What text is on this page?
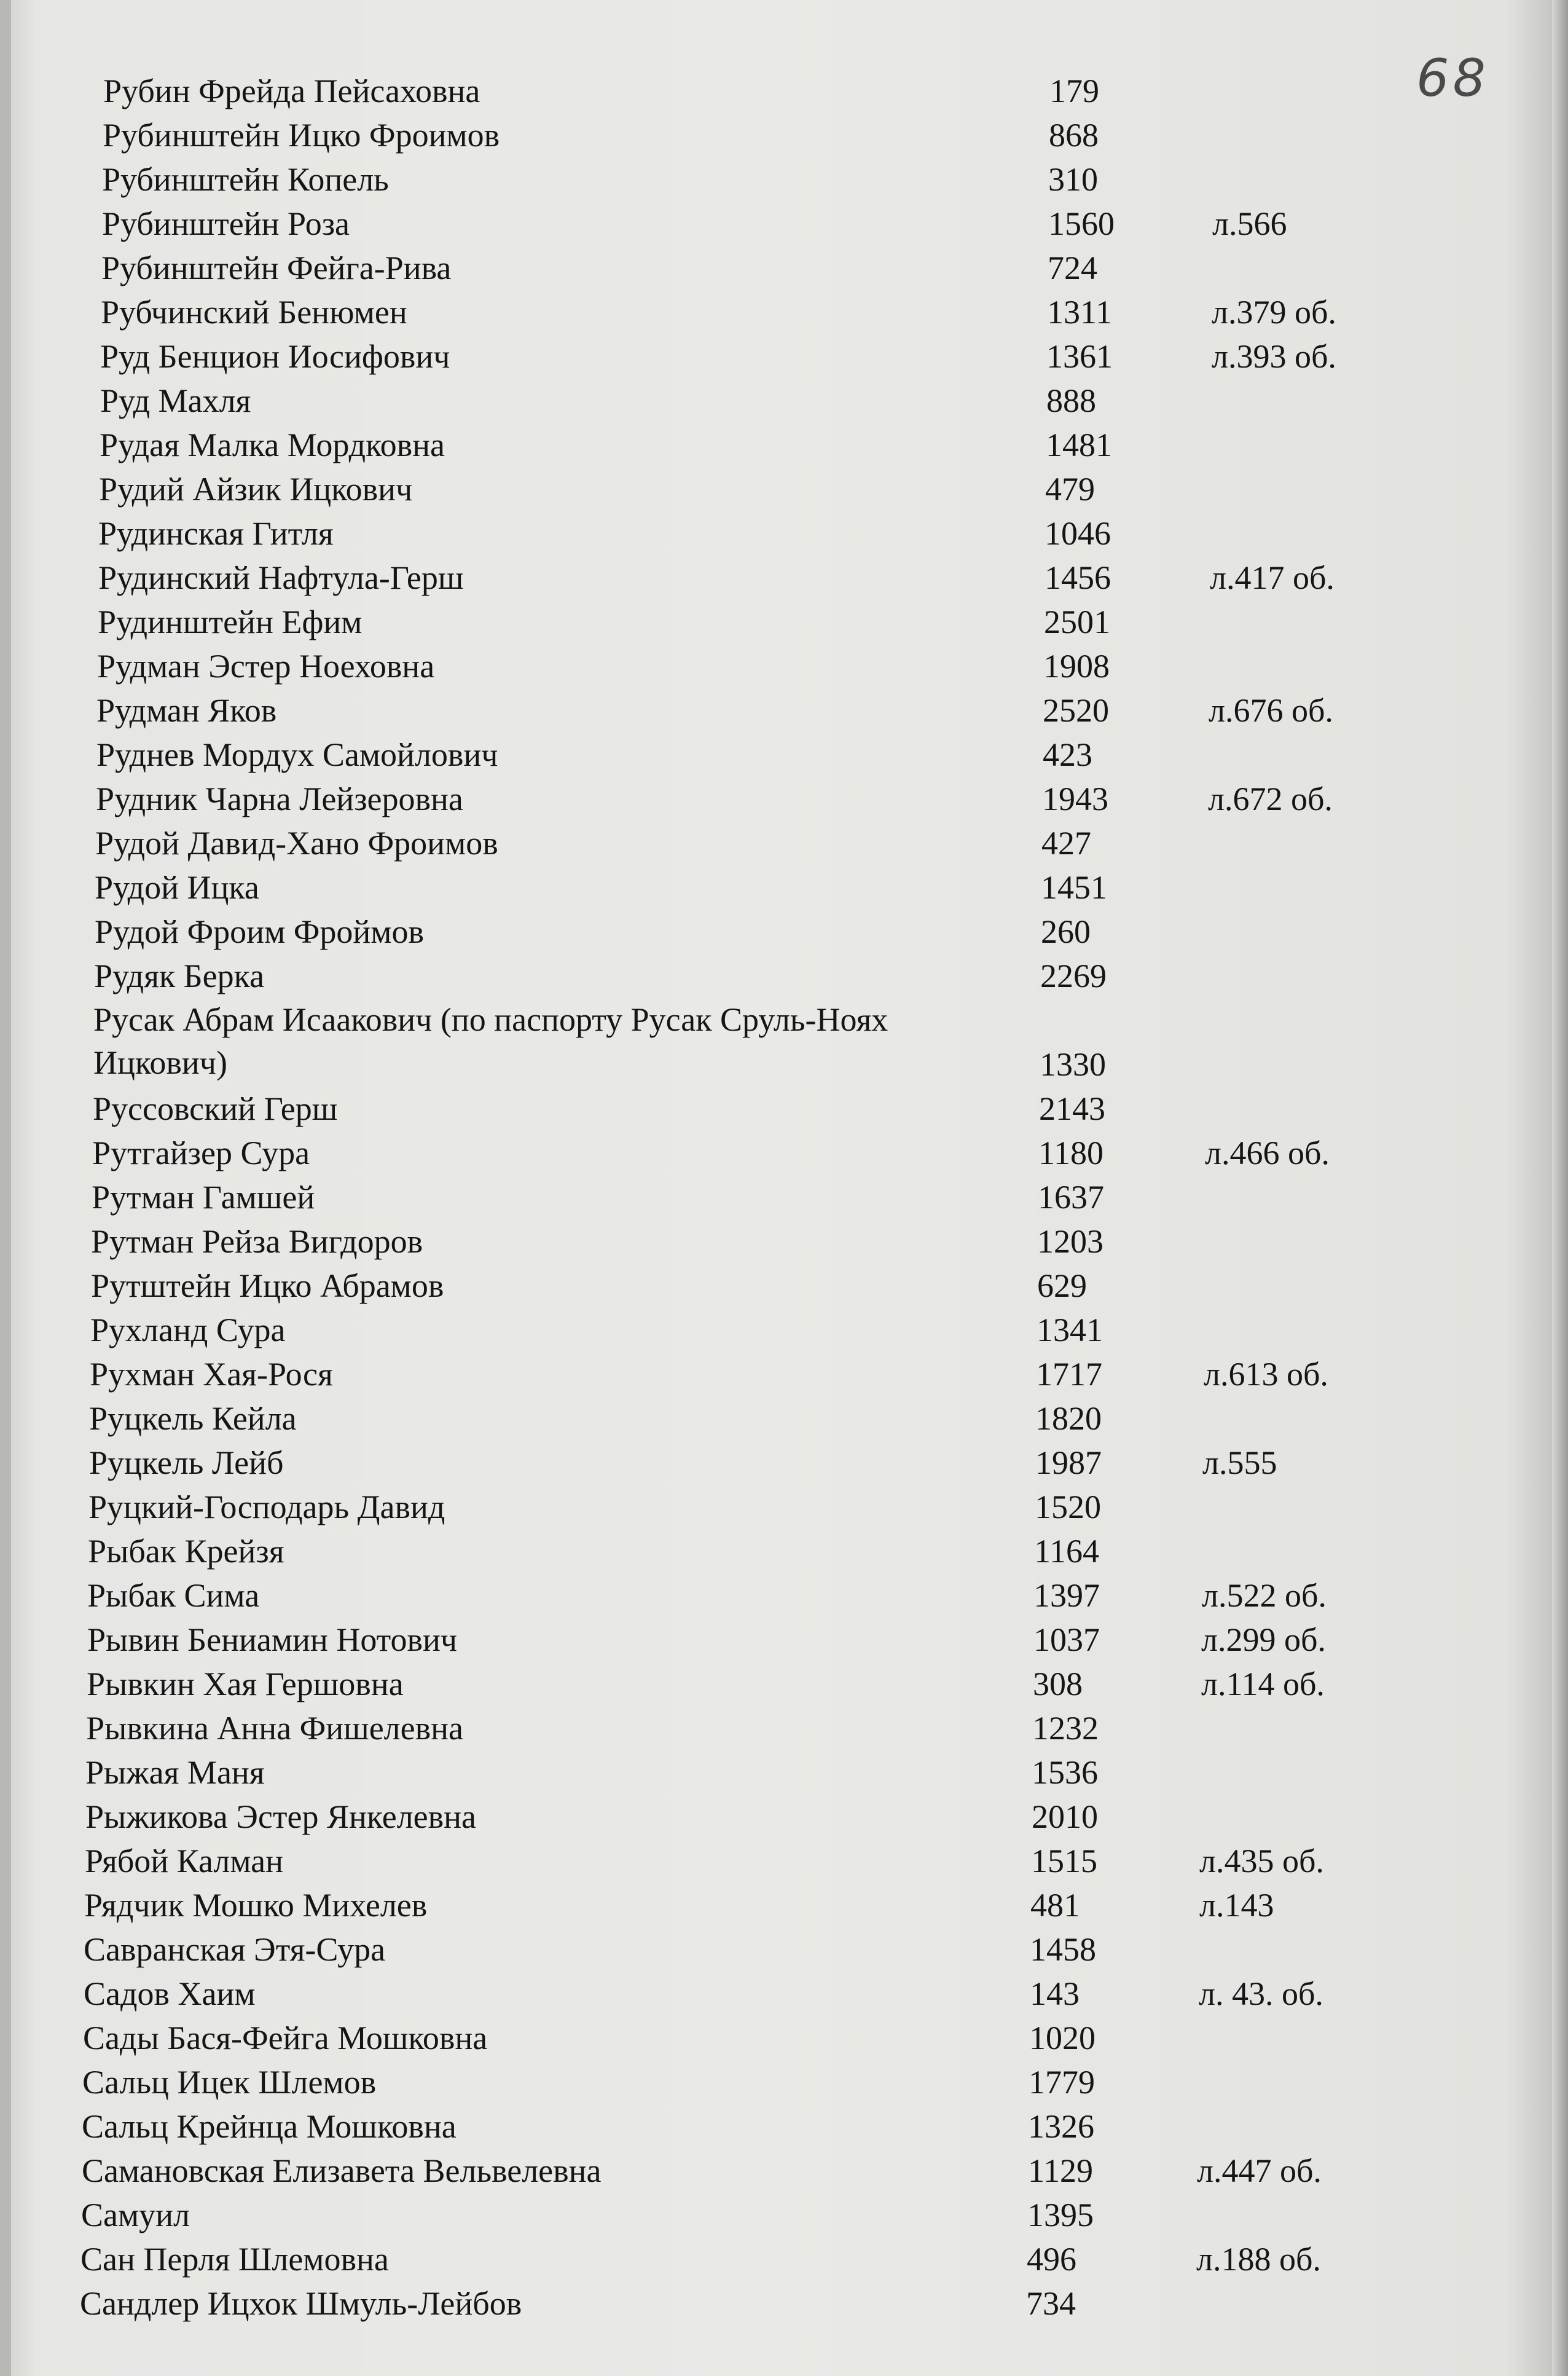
68
Рубин Фрейда Пейсаховна	179
Рубинштейн Ицко Фроимов	868
Рубинштейн Копель	310
Рубинштейн Роза	1560	л.566
Рубинштейн Фейга-Рива	724
Рубчинский Бенюмен	1311	л.379 об.
Руд Бенцион Иосифович	1361	л.393 об.
Руд Махля	888
Рудая Малка Мордковна	1481
Рудий Айзик Ицкович	479
Рудинская Гитля	1046
Рудинский Нафтула-Герш	1456	л.417 об.
Рудинштейн Ефим	2501
Рудман Эстер Ноеховна	1908
Рудман Яков	2520	л.676 об.
Руднев Мордух Самойлович	423
Рудник Чарна Лейзеровна	1943	л.672 об.
Рудой Давид-Хано Фроимов	427
Рудой Ицка	1451
Рудой Фроим Фроймов	260
Рудяк Берка	2269
Русак Абрам Исаакович (по паспорту Русак Сруль-Ноях Ицкович)	1330
Руссовский Герш	2143
Рутгайзер Сура	1180	л.466 об.
Рутман Гамшей	1637
Рутман Рейза Вигдоров	1203
Рутштейн Ицко Абрамов	629
Рухланд Сура	1341
Рухман Хая-Рося	1717	л.613 об.
Руцкель Кейла	1820
Руцкель Лейб	1987	л.555
Руцкий-Господарь Давид	1520
Рыбак Крейзя	1164
Рыбак Сима	1397	л.522 об.
Рывин Бениамин Нотович	1037	л.299 об.
Рывкин Хая Гершовна	308	л.114 об.
Рывкина Анна Фишелевна	1232
Рыжая Маня	1536
Рыжикова Эстер Янкелевна	2010
Рябой Калман	1515	л.435 об.
Рядчик Мошко Михелев	481	л.143
Савранская Этя-Сура	1458
Садов Хаим	143	л. 43. об.
Сады Бася-Фейга Мошковна	1020
Сальц Ицек Шлемов	1779
Сальц Крейнца Мошковна	1326
Самановская Елизавета Вельвелевна	1129	л.447 об.
Самуил	1395
Сан Перля Шлемовна	496	л.188 об.
Сандлер Ицхок Шмуль-Лейбов	734
